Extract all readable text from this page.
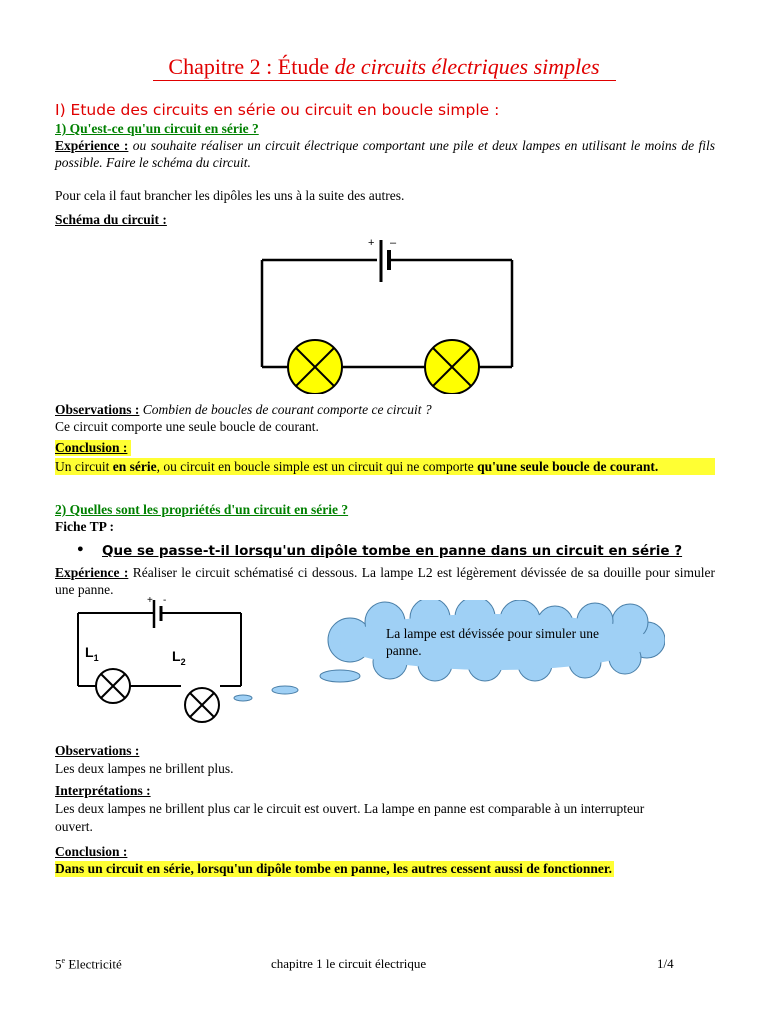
Chapitre 2 : Étude de circuits électriques simples
I) Etude des circuits en série ou circuit en boucle simple :
1) Qu'est-ce qu'un circuit en série ?
Expérience : ou souhaite réaliser un circuit électrique comportant une pile et deux lampes en utilisant le moins de fils possible. Faire le schéma du circuit.
Pour cela il faut brancher les dipôles les uns à la suite des autres.
Schéma du circuit :
+ –
Observations : Combien de boucles de courant comporte ce circuit ?
Ce circuit comporte une seule boucle de courant.
Conclusion :
Un circuit en série, ou circuit en boucle simple est un circuit qui ne comporte qu'une seule boucle de courant.
2) Quelles sont les propriétés d'un circuit en série ?
Fiche TP :
• Que se passe-t-il lorsqu'un dipôle tombe en panne dans un circuit en série ?
Expérience : Réaliser le circuit schématisé ci dessous. La lampe L2 est légèrement dévissée de sa douille pour simuler une panne.
+ -
$L_1$	$L_2$
La lampe est dévissée pour simuler une panne.
Observations :
Les deux lampes ne brillent plus.
Interprétations :
Les deux lampes ne brillent plus car le circuit est ouvert. La lampe en panne est comparable à un interrupteur ouvert.
Conclusion :
Dans un circuit en série, lorsqu'un dipôle tombe en panne, les autres cessent aussi de fonctionner.
5e Electricité	chapitre 1 le circuit électrique	1/4
